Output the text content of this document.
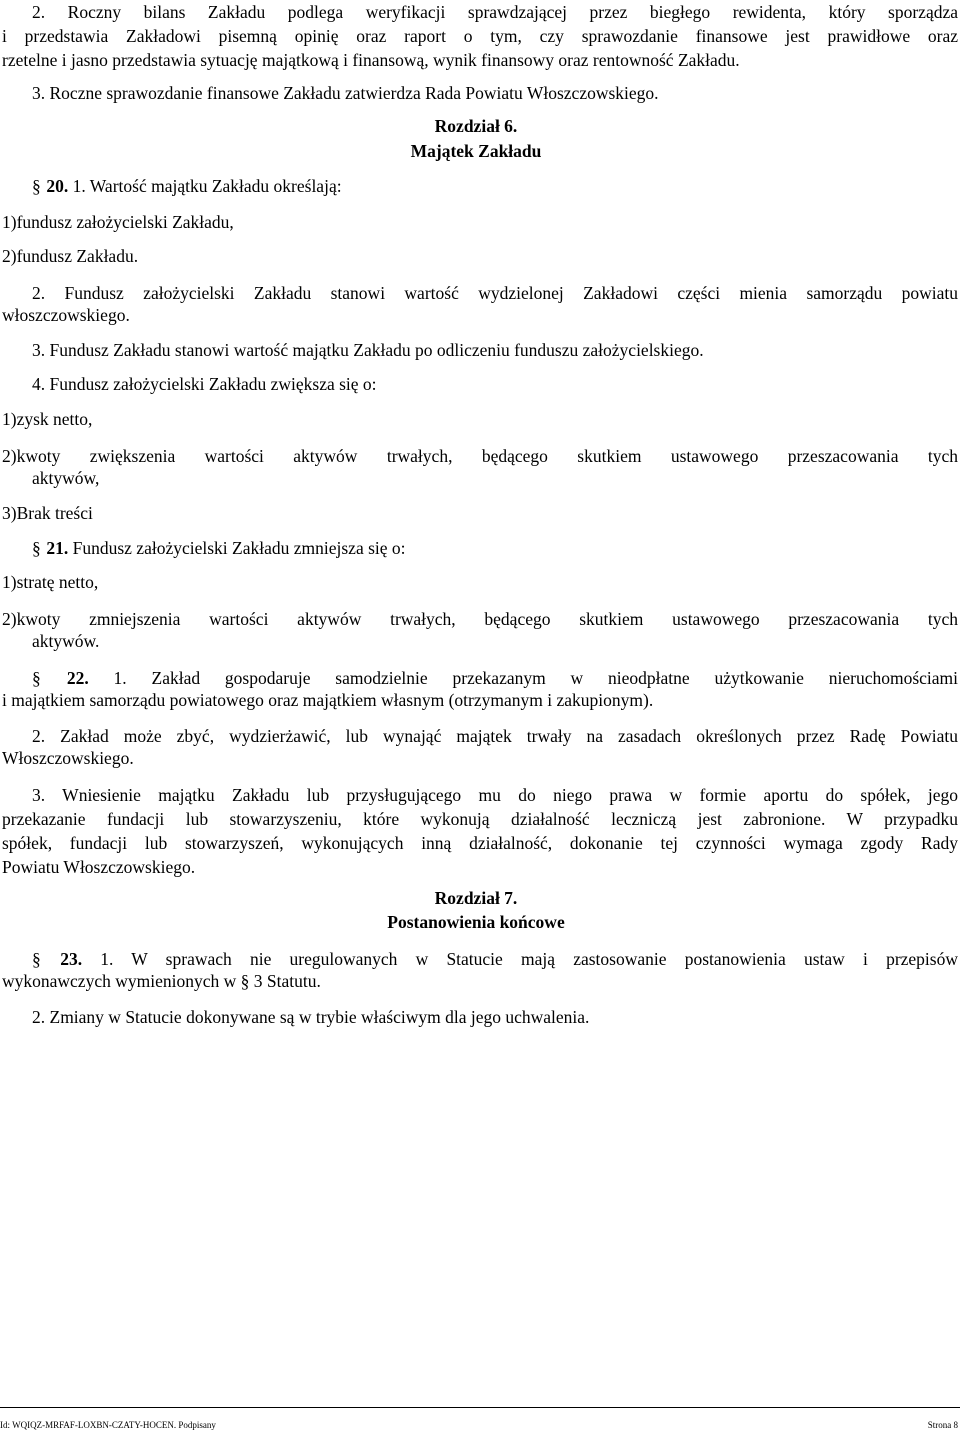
2. Roczny bilans Zakładu podlega weryfikacji sprawdzającej przez biegłego rewidenta, który sporządza
i przedstawia Zakładowi pisemną opinię oraz raport o tym, czy sprawozdanie finansowe jest prawidłowe oraz
rzetelne i jasno przedstawia sytuację majątkową i finansową, wynik finansowy oraz rentowność Zakładu.
3. Roczne sprawozdanie finansowe Zakładu zatwierdza Rada Powiatu Włoszczowskiego.
Rozdział 6.
Majątek Zakładu
§ 20. 1. Wartość majątku Zakładu określają:
1)fundusz założycielski Zakładu,
2)fundusz Zakładu.
2. Fundusz założycielski Zakładu stanowi wartość wydzielonej Zakładowi części mienia samorządu powiatu
włoszczowskiego.
3. Fundusz Zakładu stanowi wartość majątku Zakładu po odliczeniu funduszu założycielskiego.
4. Fundusz założycielski Zakładu zwiększa się o:
1)zysk netto,
2)kwoty zwiększenia wartości aktywów trwałych, będącego skutkiem ustawowego przeszacowania tych
aktywów,
3)Brak treści
§ 21. Fundusz założycielski Zakładu zmniejsza się o:
1)stratę netto,
2)kwoty zmniejszenia wartości aktywów trwałych, będącego skutkiem ustawowego przeszacowania tych
aktywów.
§ 22. 1. Zakład gospodaruje samodzielnie przekazanym w nieodpłatne użytkowanie nieruchomościami
i majątkiem samorządu powiatowego oraz majątkiem własnym (otrzymanym i zakupionym).
2. Zakład może zbyć, wydzierżawić, lub wynająć majątek trwały na zasadach określonych przez Radę Powiatu
Włoszczowskiego.
3. Wniesienie majątku Zakładu lub przysługującego mu do niego prawa w formie aportu do spółek, jego
przekazanie fundacji lub stowarzyszeniu, które wykonują działalność leczniczą jest zabronione. W przypadku
spółek, fundacji lub stowarzyszeń, wykonujących inną działalność, dokonanie tej czynności wymaga zgody Rady
Powiatu Włoszczowskiego.
Rozdział 7.
Postanowienia końcowe
§ 23. 1. W sprawach nie uregulowanych w Statucie mają zastosowanie postanowienia ustaw i przepisów
wykonawczych wymienionych w § 3 Statutu.
2. Zmiany w Statucie dokonywane są w trybie właściwym dla jego uchwalenia.
Id: WQIQZ-MRFAF-LOXBN-CZATY-HOCEN. Podpisany	Strona 8
